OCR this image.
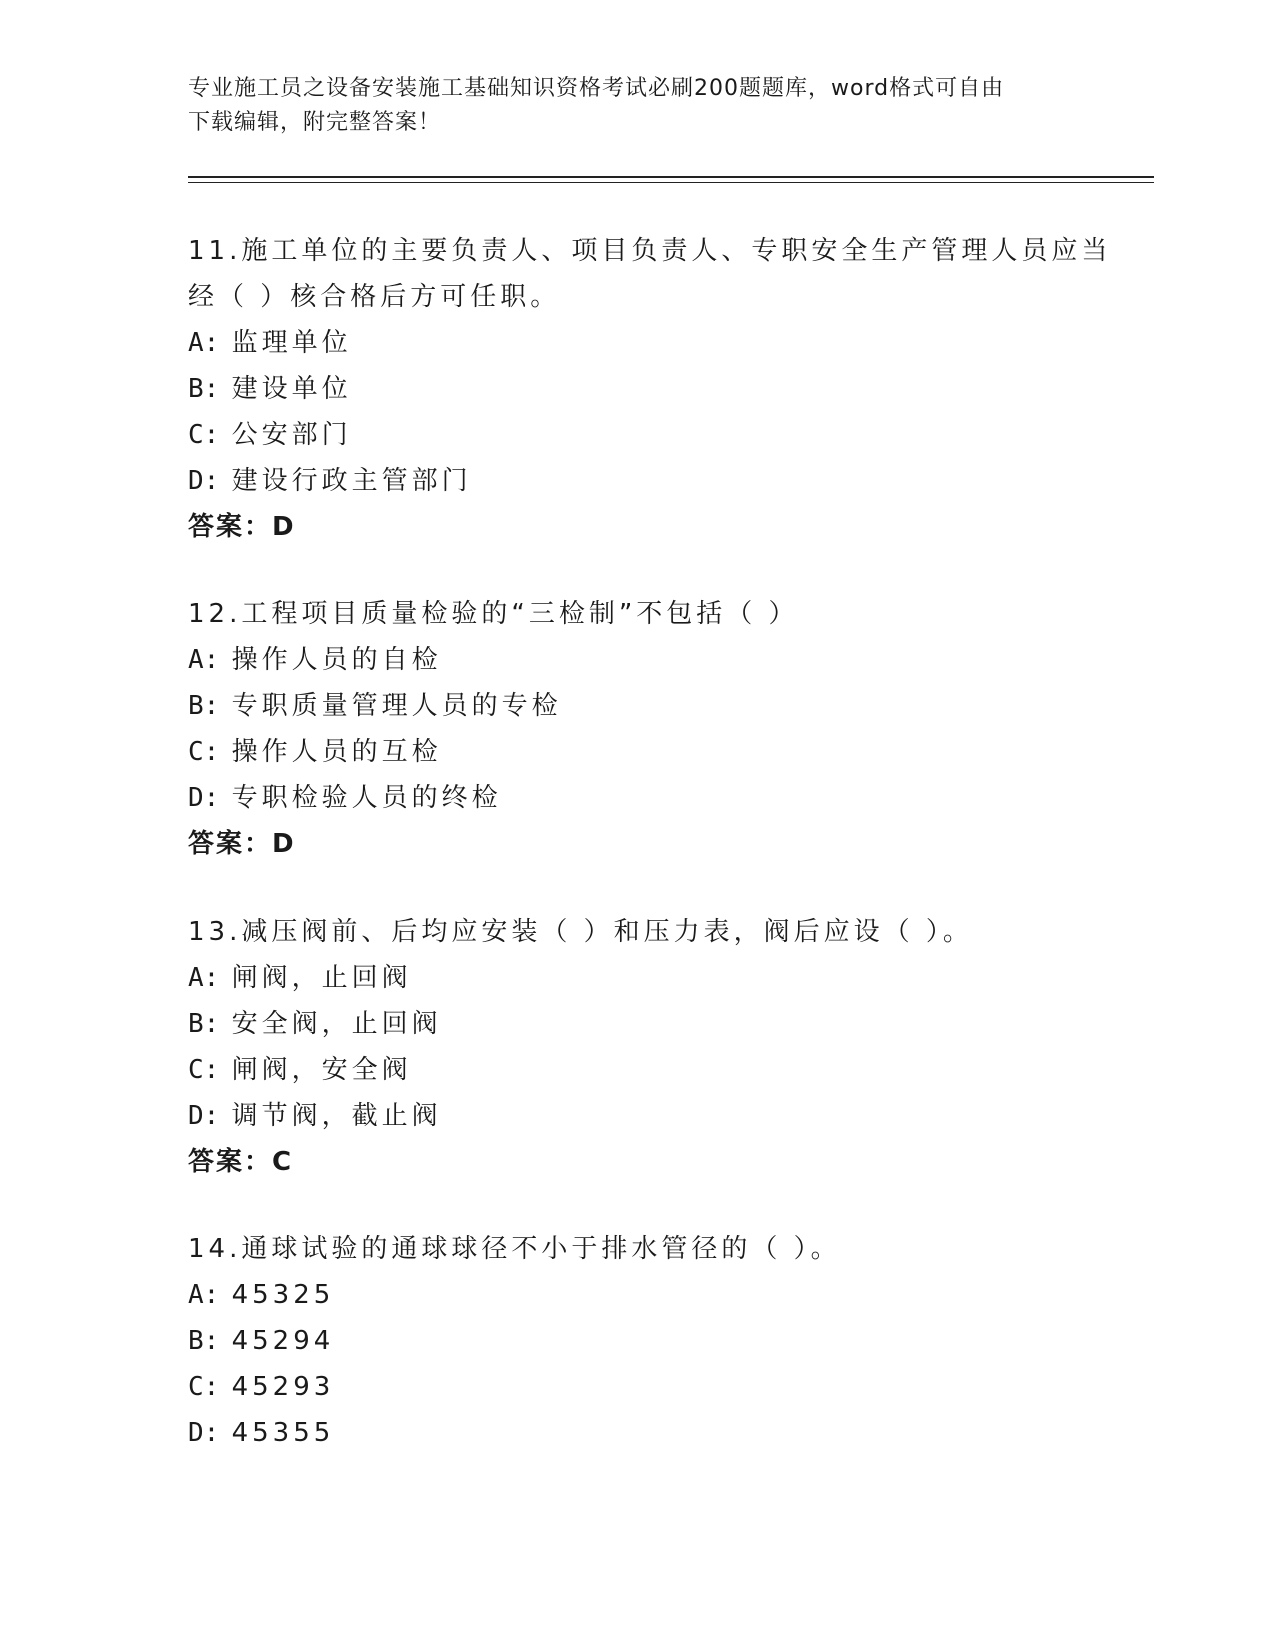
专业施工员之设备安装施工基础知识资格考试必刷200题题库，word格式可自由
下载编辑，附完整答案！
11.施工单位的主要负责人、项目负责人、专职安全生产管理人员应当
经（ ）核合格后方可任职。
A: 监理单位
B: 建设单位
C: 公安部门
D: 建设行政主管部门
答案：D
12.工程项目质量检验的“三检制”不包括（ ）
A: 操作人员的自检
B: 专职质量管理人员的专检
C: 操作人员的互检
D: 专职检验人员的终检
答案：D
13.减压阀前、后均应安装（ ）和压力表，阀后应设（ ）。
A: 闸阀，止回阀
B: 安全阀，止回阀
C: 闸阀，安全阀
D: 调节阀，截止阀
答案：C
14.通球试验的通球球径不小于排水管径的（ ）。
A: 45325
B: 45294
C: 45293
D: 45355
